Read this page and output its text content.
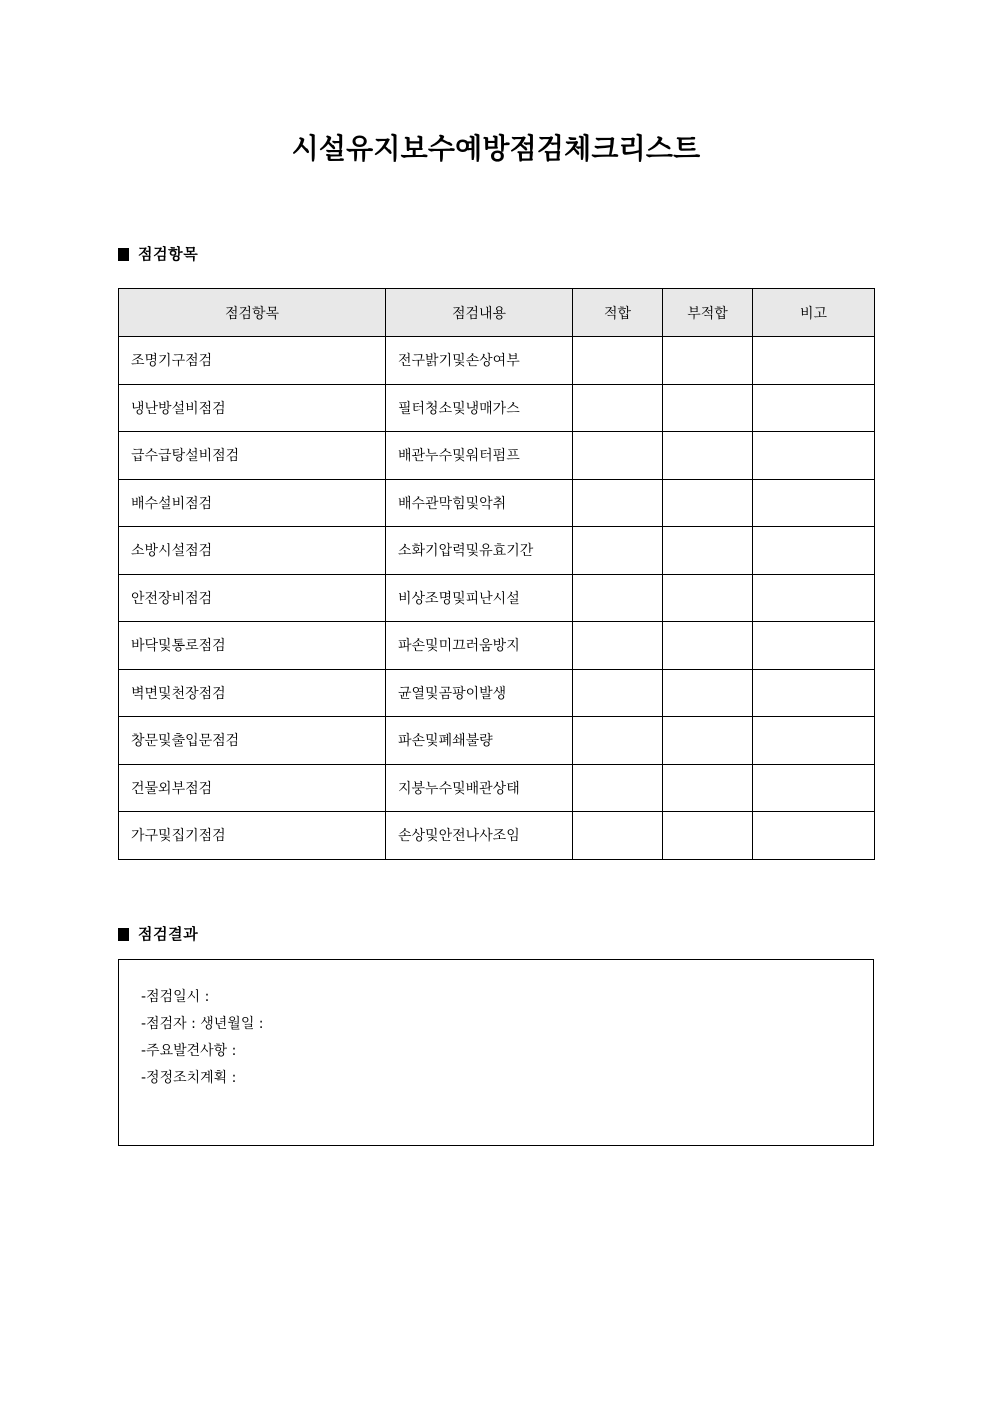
시설유지보수예방점검체크리스트
점검항목
점검항목	점검내용	적합	부적합	비고
조명기구점검	전구밝기및손상여부			
냉난방설비점검	필터청소및냉매가스			
급수급탕설비점검	배관누수및워터펌프			
배수설비점검	배수관막힘및악취			
소방시설점검	소화기압력및유효기간			
안전장비점검	비상조명및피난시설			
바닥및통로점검	파손및미끄러움방지			
벽면및천장점검	균열및곰팡이발생			
창문및출입문점검	파손및폐쇄불량			
건물외부점검	지붕누수및배관상태			
가구및집기점검	손상및안전나사조임			
점검결과
-점검일시 :
-점검자 : 생년월일 :
-주요발견사항 :
-정정조치계획 :
